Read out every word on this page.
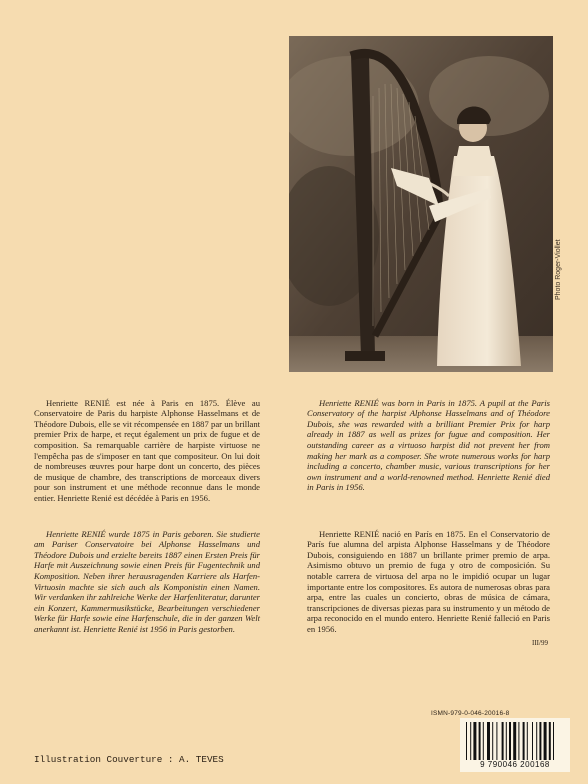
Photo Roger-Viollet

Henriette RENIÉ est née à Paris en 1875. Élève au Conservatoire de Paris du harpiste Alphonse Hasselmans et de Théodore Dubois, elle se vit récompensée en 1887 par un brillant premier Prix de harpe, et reçut également un prix de fugue et de composition. Sa remarquable carrière de harpiste virtuose ne l'empêcha pas de s'imposer en tant que compositeur. On lui doit de nombreuses œuvres pour harpe dont un concerto, des pièces de musique de chambre, des transcriptions de morceaux divers pour son instrument et une méthode reconnue dans le monde entier. Henriette Renié est décédée à Paris en 1956.

Henriette RENIÉ was born in Paris in 1875. A pupil at the Paris Conservatory of the harpist Alphonse Hasselmans and of Théodore Dubois, she was rewarded with a brilliant Premier Prix for harp already in 1887 as well as prizes for fugue and composition. Her outstanding career as a virtuoso harpist did not prevent her from making her mark as a composer. She wrote numerous works for harp including a concerto, chamber music, various transcriptions for her own instrument and a world-renowned method. Henriette Renié died in Paris in 1956.

Henriette RENIÉ wurde 1875 in Paris geboren. Sie studierte am Pariser Conservatoire bei Alphonse Hasselmans und Théodore Dubois und erzielte bereits 1887 einen Ersten Preis für Harfe mit Auszeichnung sowie einen Preis für Fugentechnik und Komposition. Neben ihrer herausragenden Karriere als Harfen-Virtuosin machte sie sich auch als Komponistin einen Namen. Wir verdanken ihr zahlreiche Werke der Harfenliteratur, darunter ein Konzert, Kammermusikstücke, Bearbeitungen verschiedener Werke für Harfe sowie eine Harfenschule, die in der ganzen Welt anerkannt ist. Henriette Renié ist 1956 in Paris gestorben.

Henriette RENIÉ nació en París en 1875. En el Conservatorio de París fue alumna del arpista Alphonse Hasselmans y de Théodore Dubois, consiguiendo en 1887 un brillante primer premio de arpa. Asimismo obtuvo un premio de fuga y otro de composición. Su notable carrera de virtuosa del arpa no le impidió ocupar un lugar importante entre los compositores. Es autora de numerosas obras para arpa, entre las cuales un concierto, obras de música de cámara, transcripciones de diversas piezas para su instrumento y un método de arpa reconocido en el mundo entero. Henriette Renié falleció en Paris en 1956.

III/99
ISMN-979-0-046-20016-8
9 790046 200168
Illustration Couverture : A. TEVES
